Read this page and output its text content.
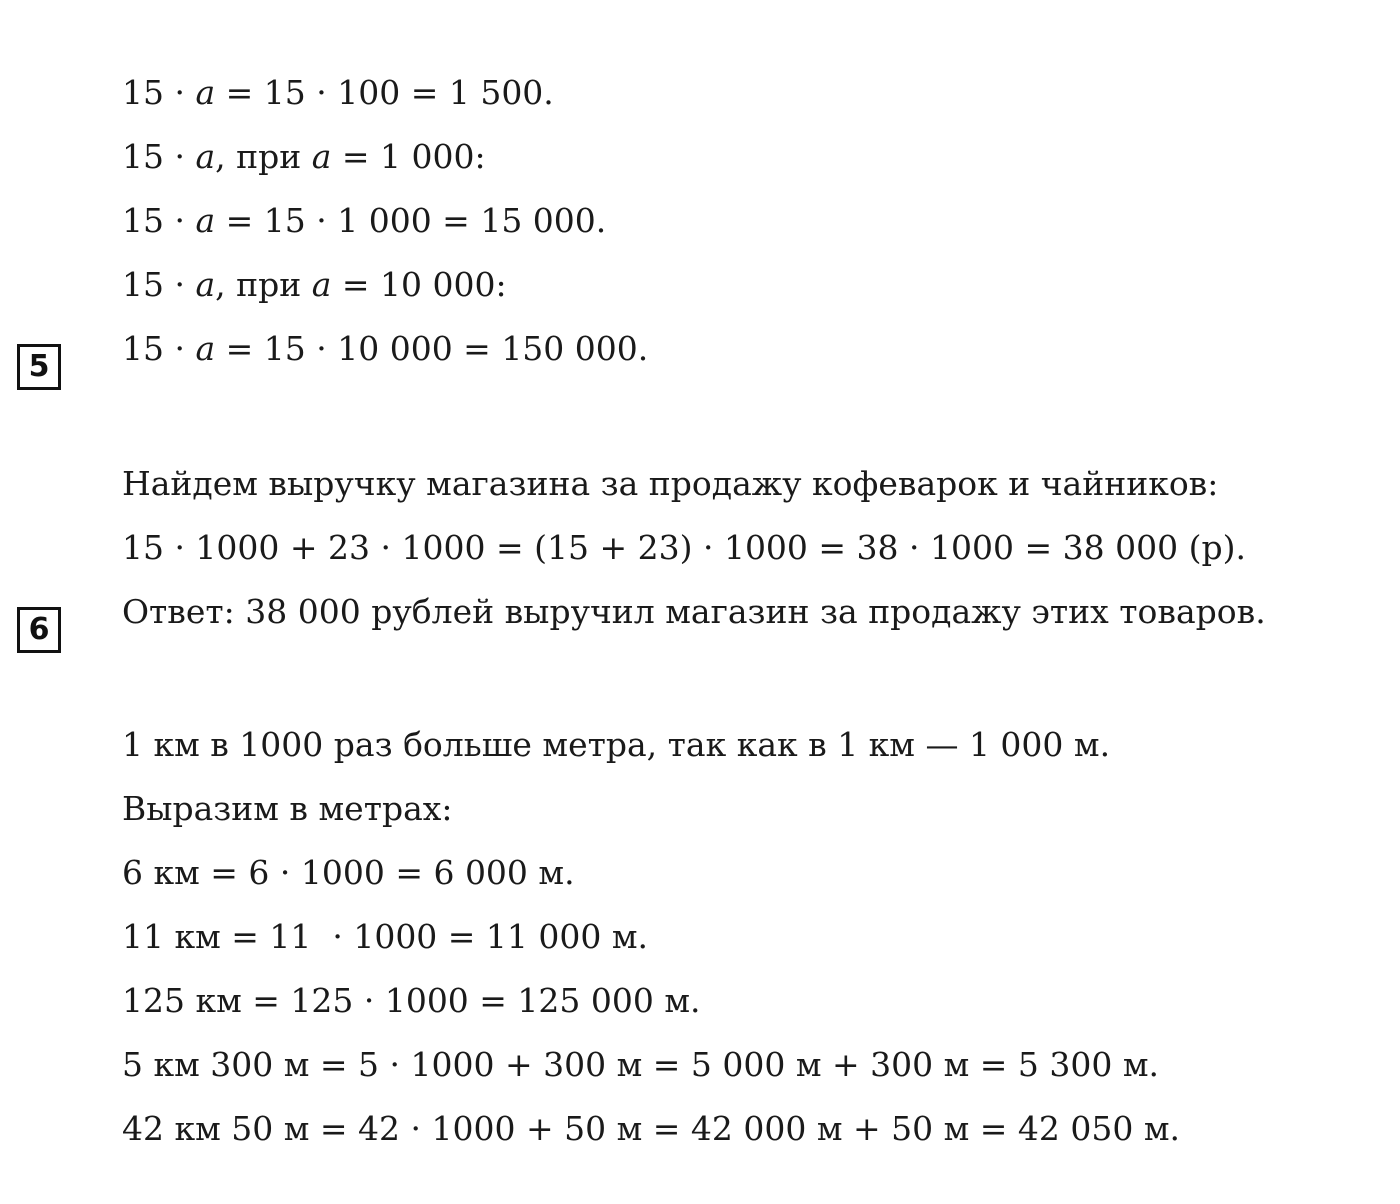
15 · a = 15 · 100 = 1 500.

15 · a, при a = 1 000:

15 · a = 15 · 1 000 = 15 000.

15 · a, при a = 10 000:

15 · a = 15 · 10 000 = 150 000.

5

Найдем выручку магазина за продажу кофеварок и чайников:

15 · 1000 + 23 · 1000 = (15 + 23) · 1000 = 38 · 1000 = 38 000 (р).

Ответ: 38 000 рублей выручил магазин за продажу этих товаров.

6

1 км в 1000 раз больше метра, так как в 1 км — 1 000 м.

Выразим в метрах:

6 км = 6 · 1000 = 6 000 м.

11 км = 11  · 1000 = 11 000 м.

125 км = 125 · 1000 = 125 000 м.

5 км 300 м = 5 · 1000 + 300 м = 5 000 м + 300 м = 5 300 м.

42 км 50 м = 42 · 1000 + 50 м = 42 000 м + 50 м = 42 050 м.
